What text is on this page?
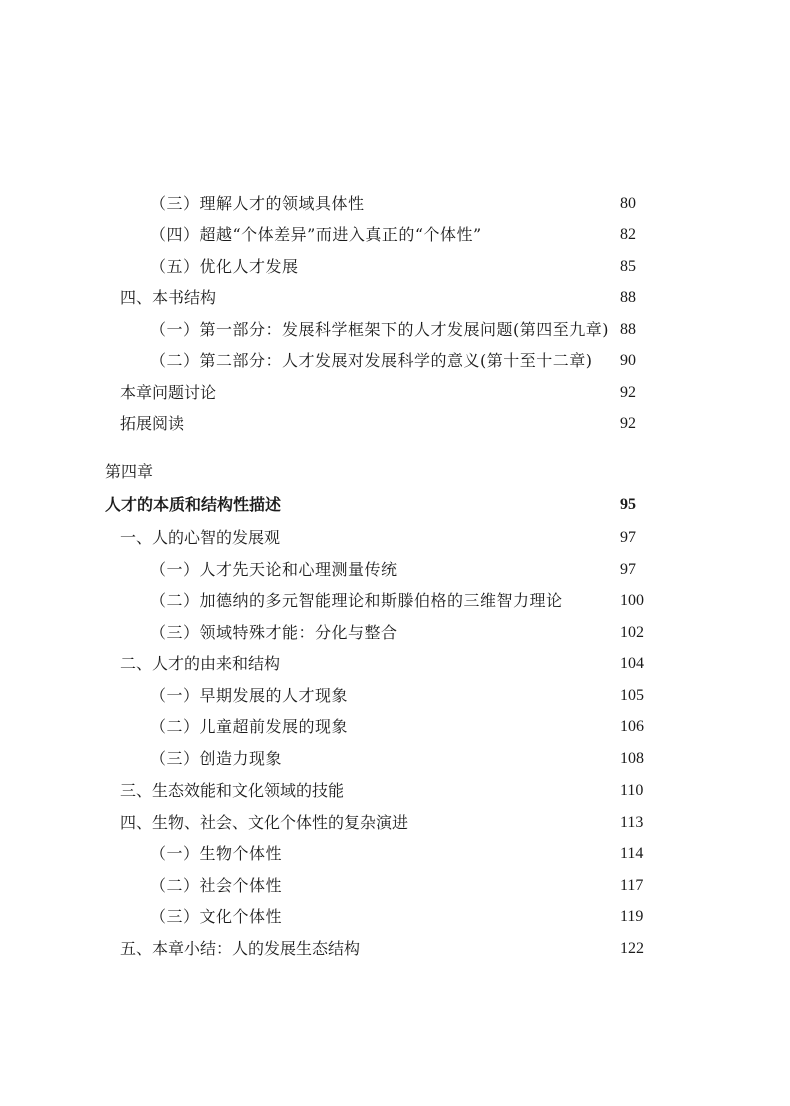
（三）理解人才的领域具体性	80
（四）超越“个体差异”而进入真正的“个体性”	82
（五）优化人才发展	85
四、本书结构	88
（一）第一部分：发展科学框架下的人才发展问题(第四至九章) 88
（二）第二部分：人才发展对发展科学的意义(第十至十二章) 90
本章问题讨论	92
拓展阅读	92
第四章
人才的本质和结构性描述	95
一、人的心智的发展观	97
（一）人才先天论和心理测量传统	97
（二）加德纳的多元智能理论和斯滕伯格的三维智力理论	100
（三）领域特殊才能：分化与整合	102
二、人才的由来和结构	104
（一）早期发展的人才现象	105
（二）儿童超前发展的现象	106
（三）创造力现象	108
三、生态效能和文化领域的技能	110
四、生物、社会、文化个体性的复杂演进	113
（一）生物个体性	114
（二）社会个体性	117
（三）文化个体性	119
五、本章小结：人的发展生态结构	122
